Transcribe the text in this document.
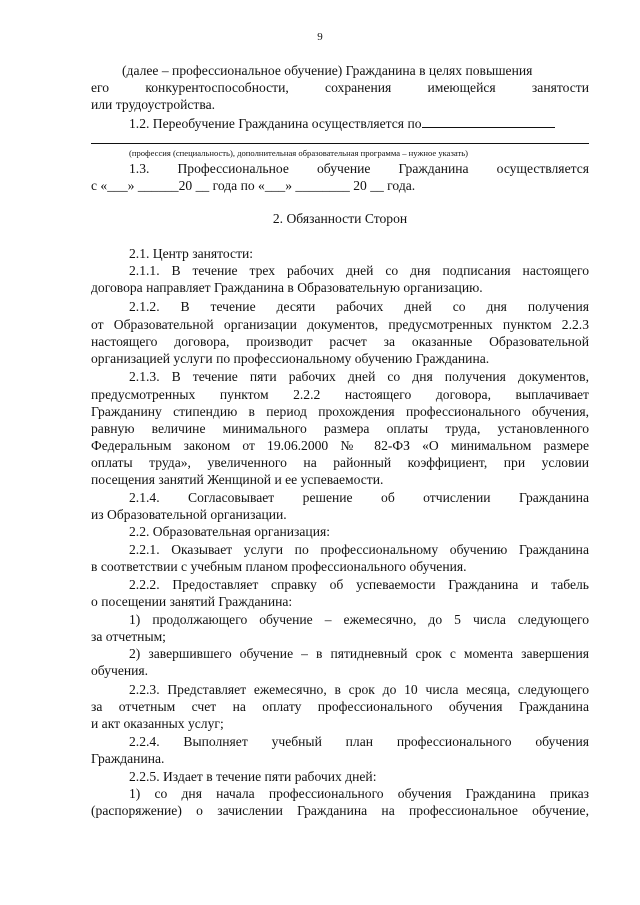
9
(далее – профессиональное обучение) Гражданина в целях повышения
его конкурентоспособности, сохранения имеющейся занятости
или трудоустройства.
1.2. Переобучение Гражданина осуществляется по
(профессия (специальность), дополнительная образовательная программа – нужное указать)
1.3. Профессиональное обучение Гражданина осуществляется
с «___» ______20 __ года по «___» ________ 20 __ года.
2. Обязанности Сторон
2.1. Центр занятости:
2.1.1. В течение трех рабочих дней со дня подписания настоящего
договора направляет Гражданина в Образовательную организацию.
2.1.2. В течение десяти рабочих дней со дня получения
от Образовательной организации документов, предусмотренных пунктом 2.2.3
настоящего договора, производит расчет за оказанные Образовательной
организацией услуги по профессиональному обучению Гражданина.
2.1.3. В течение пяти рабочих дней со дня получения документов,
предусмотренных пунктом 2.2.2 настоящего договора, выплачивает
Гражданину стипендию в период прохождения профессионального обучения,
равную величине минимального размера оплаты труда, установленного
Федеральным законом от 19.06.2000 № 82-ФЗ «О минимальном размере
оплаты труда», увеличенного на районный коэффициент, при условии
посещения занятий Женщиной и ее успеваемости.
2.1.4. Согласовывает решение об отчислении Гражданина
из Образовательной организации.
2.2. Образовательная организация:
2.2.1. Оказывает услуги по профессиональному обучению Гражданина
в соответствии с учебным планом профессионального обучения.
2.2.2. Предоставляет справку об успеваемости Гражданина и табель
о посещении занятий Гражданина:
1) продолжающего обучение – ежемесячно, до 5 числа следующего
за отчетным;
2) завершившего обучение – в пятидневный срок с момента завершения
обучения.
2.2.3. Представляет ежемесячно, в срок до 10 числа месяца, следующего
за отчетным счет на оплату профессионального обучения Гражданина
и акт оказанных услуг;
2.2.4. Выполняет учебный план профессионального обучения
Гражданина.
2.2.5. Издает в течение пяти рабочих дней:
1) со дня начала профессионального обучения Гражданина приказ
(распоряжение) о зачислении Гражданина на профессиональное обучение,
